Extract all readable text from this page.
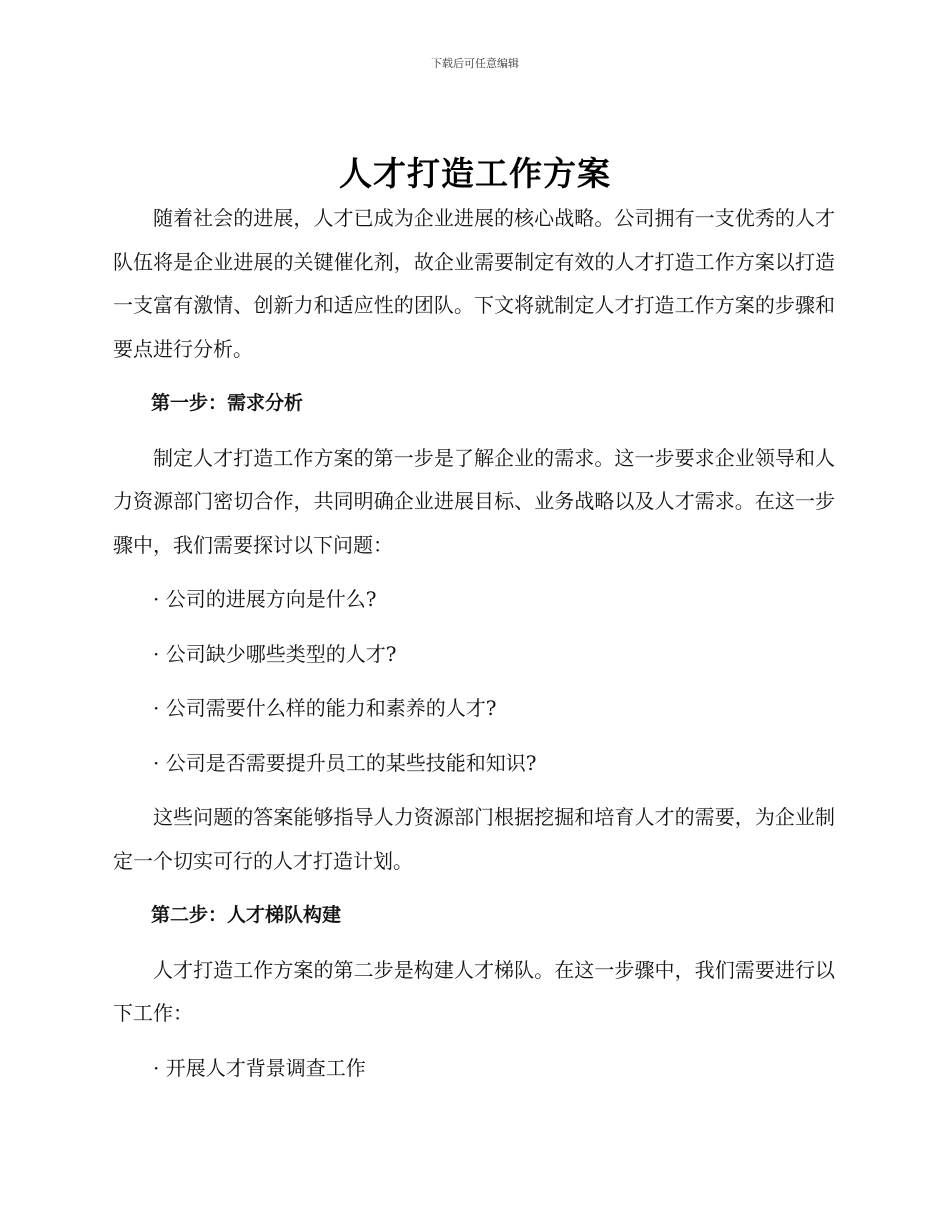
下载后可任意编辑
人才打造工作方案

随着社会的进展，人才已成为企业进展的核心战略。公司拥有一支优秀的人才队伍将是企业进展的关键催化剂，故企业需要制定有效的人才打造工作方案以打造一支富有激情、创新力和适应性的团队。下文将就制定人才打造工作方案的步骤和要点进行分析。

第一步：需求分析

制定人才打造工作方案的第一步是了解企业的需求。这一步要求企业领导和人力资源部门密切合作，共同明确企业进展目标、业务战略以及人才需求。在这一步骤中，我们需要探讨以下问题：

· 公司的进展方向是什么?

· 公司缺少哪些类型的人才?

· 公司需要什么样的能力和素养的人才?

· 公司是否需要提升员工的某些技能和知识?

这些问题的答案能够指导人力资源部门根据挖掘和培育人才的需要，为企业制定一个切实可行的人才打造计划。

第二步：人才梯队构建

人才打造工作方案的第二步是构建人才梯队。在这一步骤中，我们需要进行以下工作：

· 开展人才背景调查工作
